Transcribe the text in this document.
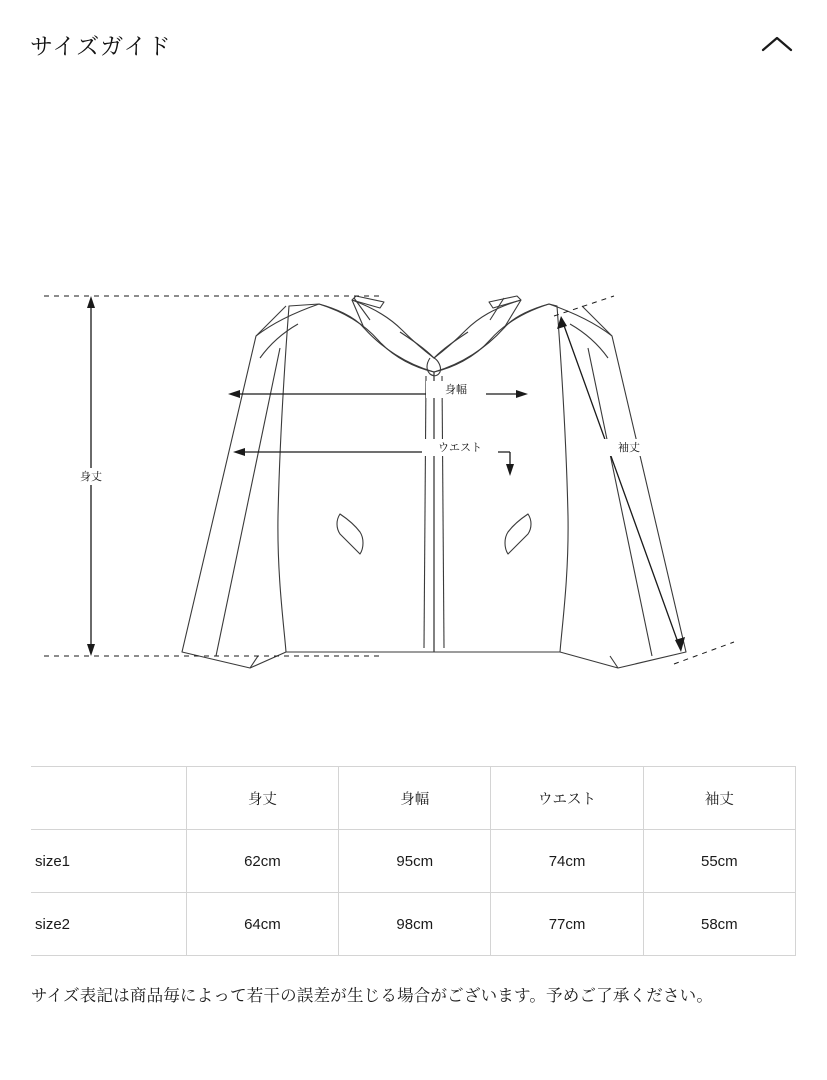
サイズガイド
身幅
ウエスト
身丈
袖丈
	身丈	身幅	ウエスト	袖丈
size1	62cm	95cm	74cm	55cm
size2	64cm	98cm	77cm	58cm
サイズ表記は商品毎によって若干の誤差が生じる場合がございます。予めご了承ください。
